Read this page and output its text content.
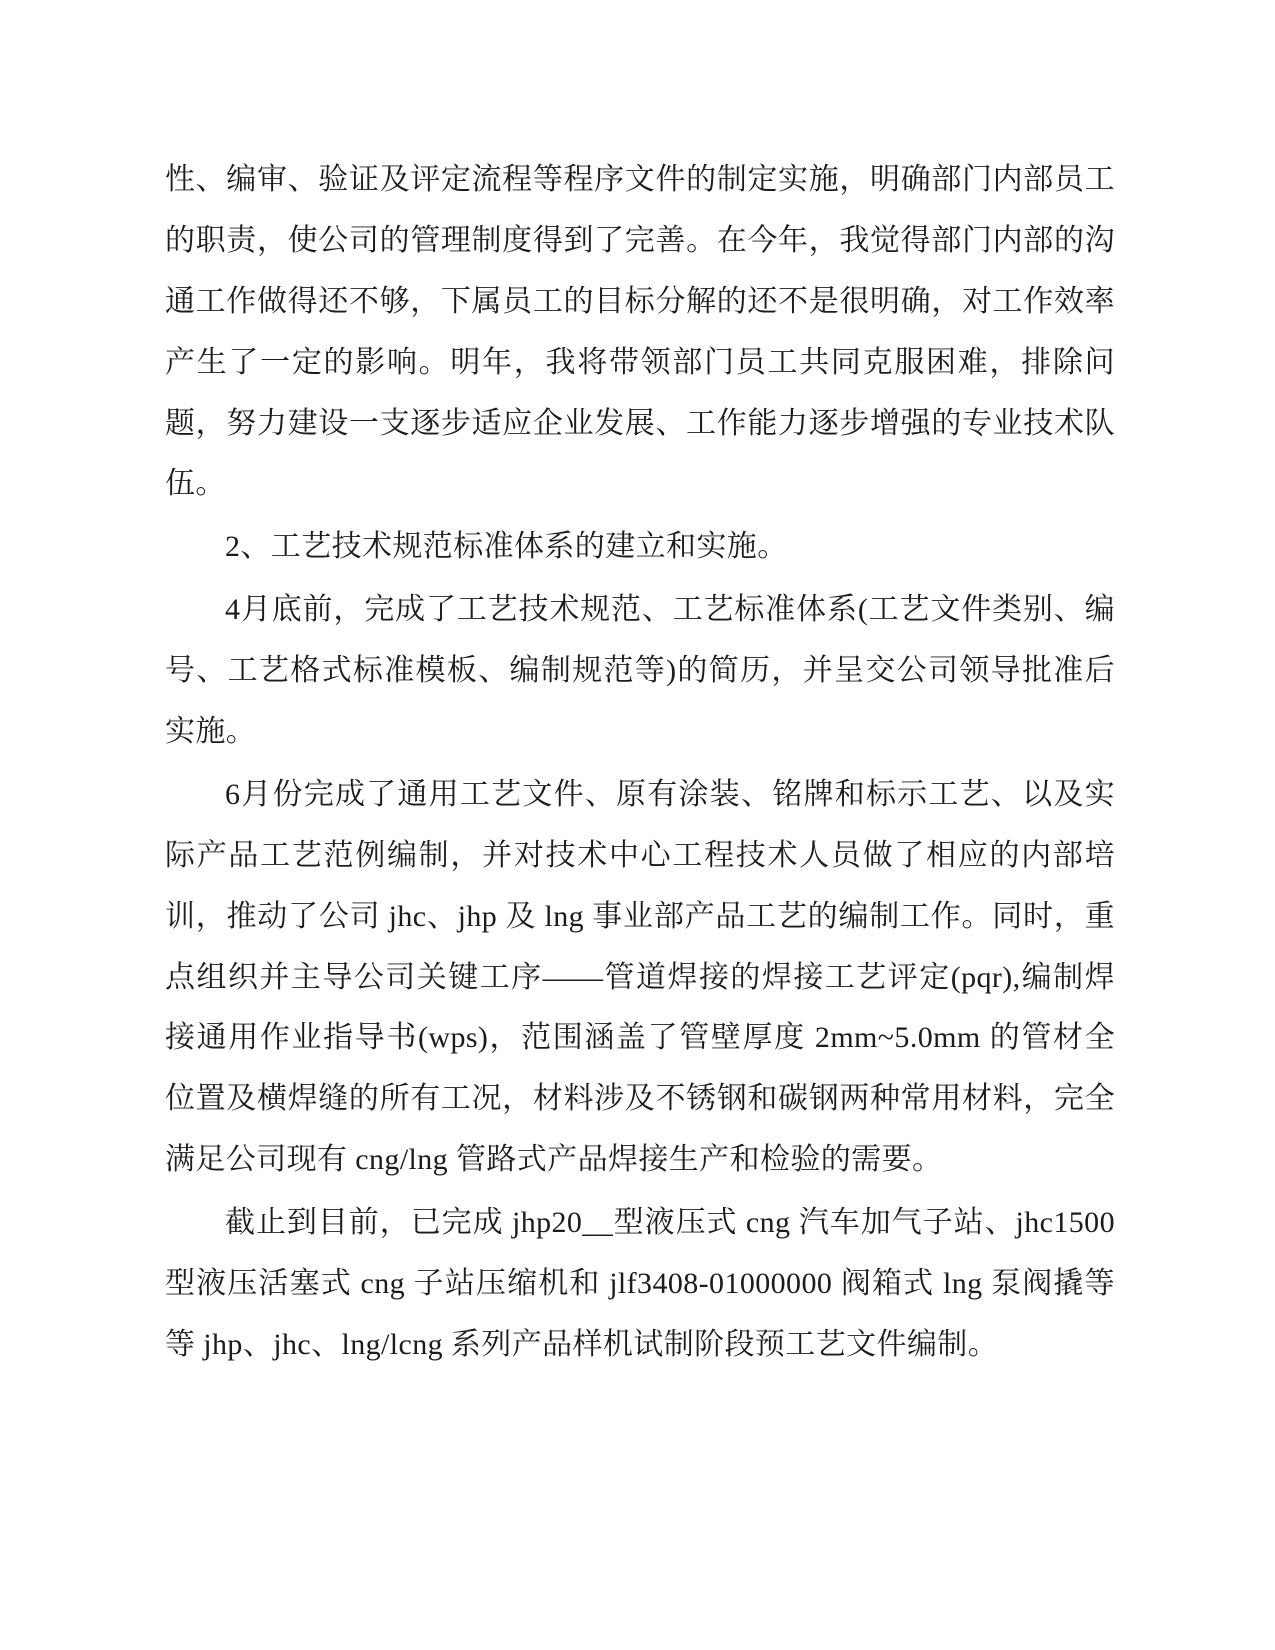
性、编审、验证及评定流程等程序文件的制定实施，明确部门内部员工的职责，使公司的管理制度得到了完善。在今年，我觉得部门内部的沟通工作做得还不够，下属员工的目标分解的还不是很明确，对工作效率产生了一定的影响。明年，我将带领部门员工共同克服困难，排除问题，努力建设一支逐步适应企业发展、工作能力逐步增强的专业技术队伍。

2、工艺技术规范标准体系的建立和实施。

4月底前，完成了工艺技术规范、工艺标准体系(工艺文件类别、编号、工艺格式标准模板、编制规范等)的简历，并呈交公司领导批准后实施。

6月份完成了通用工艺文件、原有涂装、铭牌和标示工艺、以及实际产品工艺范例编制，并对技术中心工程技术人员做了相应的内部培训，推动了公司 jhc、jhp 及 lng 事业部产品工艺的编制工作。同时，重点组织并主导公司关键工序——管道焊接的焊接工艺评定(pqr),编制焊接通用作业指导书(wps)，范围涵盖了管壁厚度 2mm~5.0mm 的管材全位置及横焊缝的所有工况，材料涉及不锈钢和碳钢两种常用材料，完全满足公司现有 cng/lng 管路式产品焊接生产和检验的需要。

截止到目前，已完成 jhp20__型液压式 cng 汽车加气子站、jhc1500 型液压活塞式 cng 子站压缩机和 jlf3408-01000000 阀箱式 lng 泵阀撬等等 jhp、jhc、lng/lcng 系列产品样机试制阶段预工艺文件编制。
